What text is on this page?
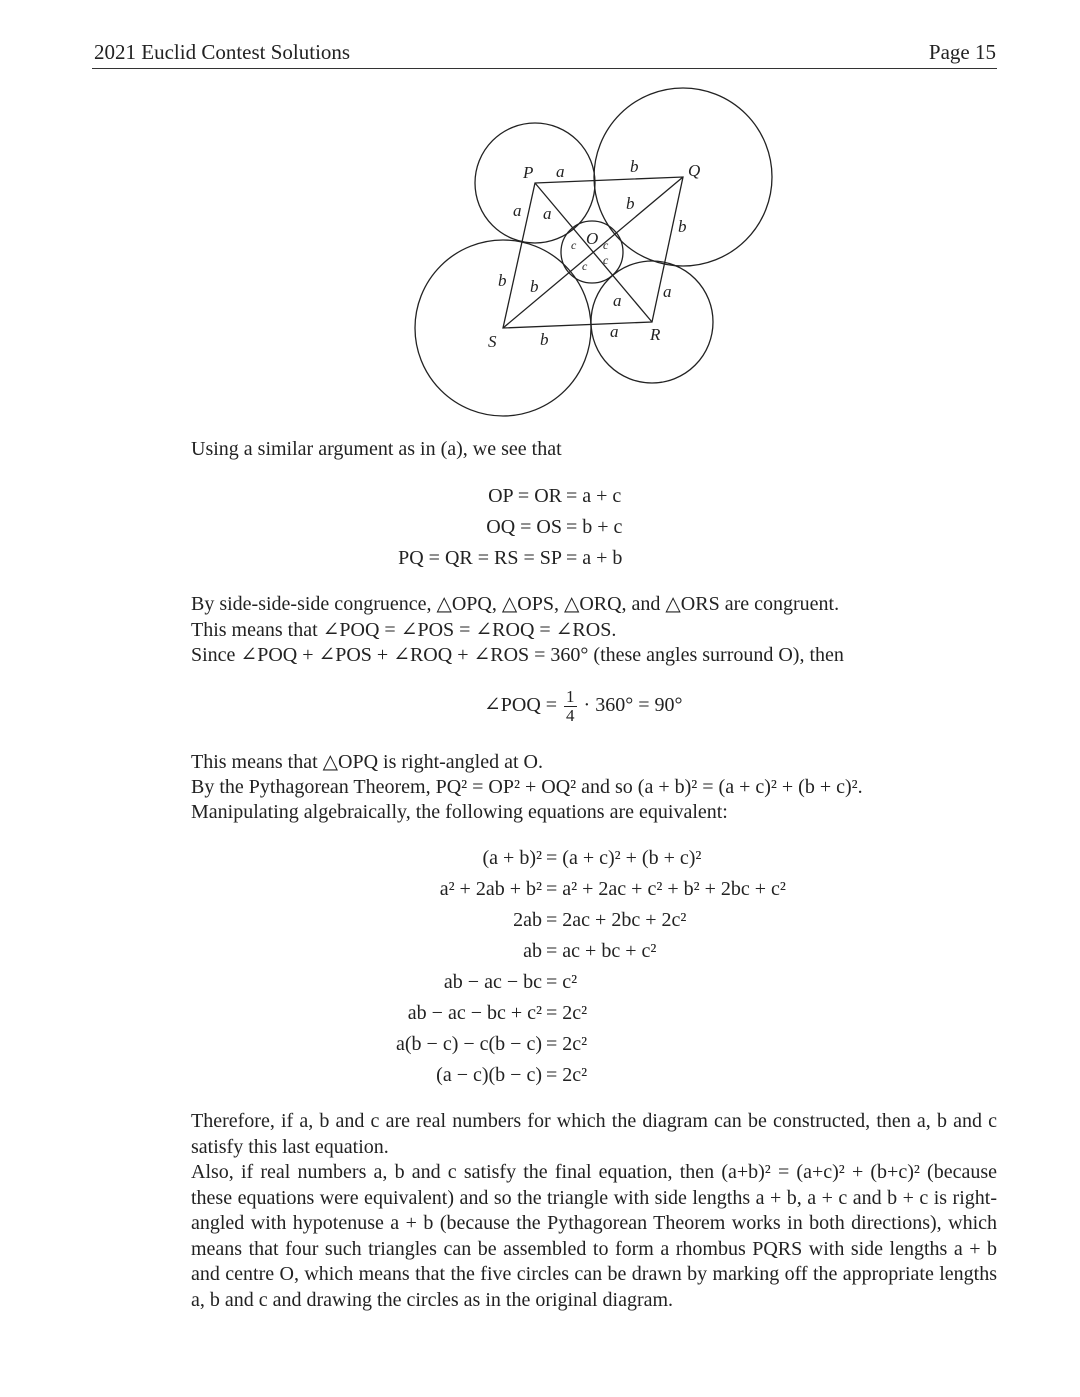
2021 Euclid Contest Solutions	Page 15
P	Q
R
S
O
a	b
a a
b
b
b b
a a
b	a
c c
c c
Using a similar argument as in (a), we see that
OP = OR = a + c
OQ = OS = b + c
PQ = QR = RS = SP = a + b
By side-side-side congruence, △OPQ, △OPS, △ORQ, and △ORS are congruent.
This means that ∠POQ = ∠POS = ∠ROQ = ∠ROS.
Since ∠POQ + ∠POS + ∠ROQ + ∠ROS = 360° (these angles surround O), then
∠POQ = $\frac{1}{4} \cdot 360^\circ = 90^\circ$
This means that △OPQ is right-angled at O.
By the Pythagorean Theorem, PQ² = OP² + OQ² and so (a + b)² = (a + c)² + (b + c)².
Manipulating algebraically, the following equations are equivalent:
(a + b)² = (a + c)² + (b + c)²
a² + 2ab + b² = a² + 2ac + c² + b² + 2bc + c²
2ab = 2ac + 2bc + 2c²
ab = ac + bc + c²
ab − ac − bc = c²
ab − ac − bc + c² = 2c²
a(b − c) − c(b − c) = 2c²
(a − c)(b − c) = 2c²
Therefore, if a, b and c are real numbers for which the diagram can be constructed, then a, b and c satisfy this last equation.
Also, if real numbers a, b and c satisfy the final equation, then (a+b)² = (a+c)² + (b+c)² (because these equations were equivalent) and so the triangle with side lengths a + b, a + c and b + c is right-angled with hypotenuse a + b (because the Pythagorean Theorem works in both directions), which means that four such triangles can be assembled to form a rhombus PQRS with side lengths a + b and centre O, which means that the five circles can be drawn by marking off the appropriate lengths a, b and c and drawing the circles as in the original diagram.
